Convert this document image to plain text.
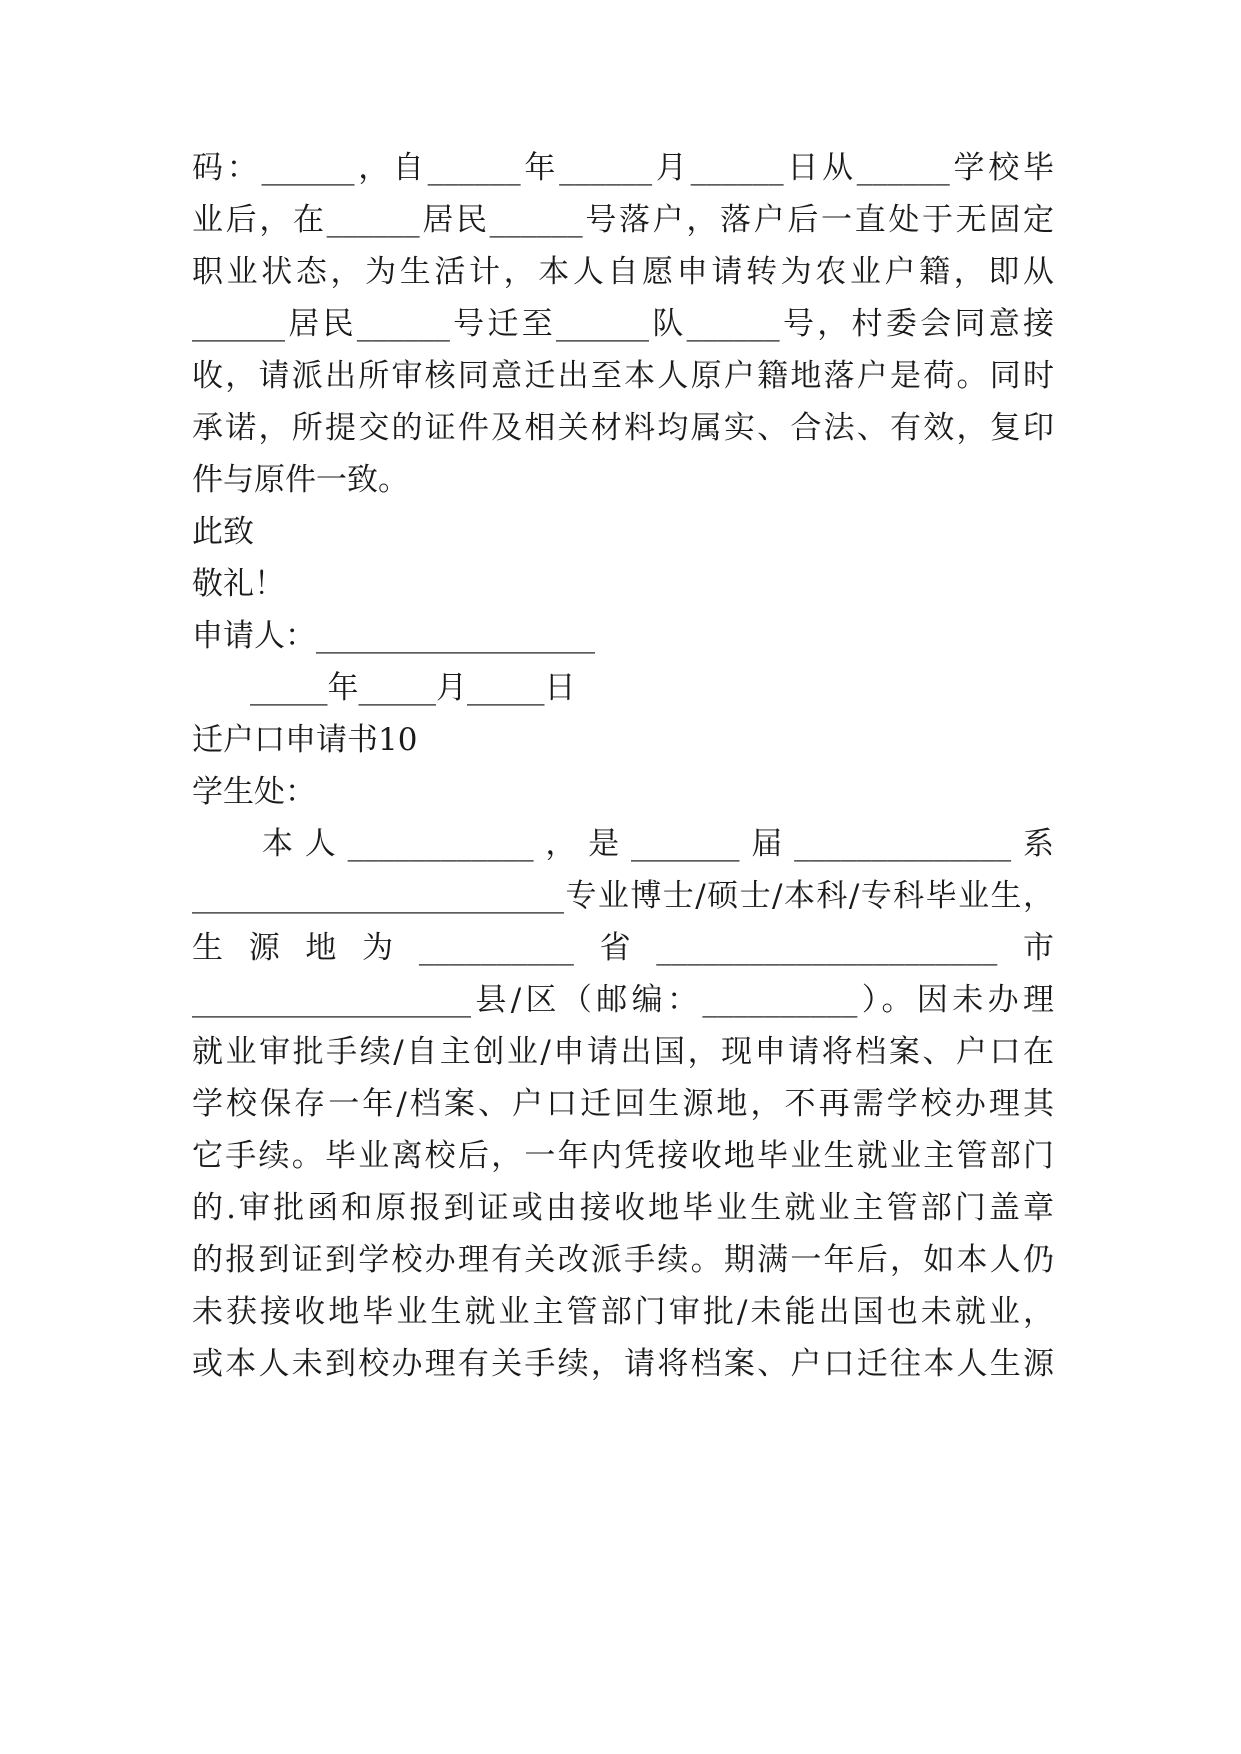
码：______，自______年______月______日从______学校毕
业后，在______居民______号落户，落户后一直处于无固定
职业状态，为生活计，本人自愿申请转为农业户籍，即从
______居民______号迁至______队______号，村委会同意接
收，请派出所审核同意迁出至本人原户籍地落户是荷。同时
承诺，所提交的证件及相关材料均属实、合法、有效，复印
件与原件一致。
此致
敬礼！
申请人：__________________
_____年_____月_____日
迁户口申请书10
学生处：
本人____________，是_______届______________系
________________________专业博士/硕士/本科/专科毕业生，
生源地为__________省______________________市
__________________县/区（邮编：__________）。因未办理
就业审批手续/自主创业/申请出国，现申请将档案、户口在
学校保存一年/档案、户口迁回生源地，不再需学校办理其
它手续。毕业离校后，一年内凭接收地毕业生就业主管部门
的.审批函和原报到证或由接收地毕业生就业主管部门盖章
的报到证到学校办理有关改派手续。期满一年后，如本人仍
未获接收地毕业生就业主管部门审批/未能出国也未就业，
或本人未到校办理有关手续，请将档案、户口迁往本人生源
